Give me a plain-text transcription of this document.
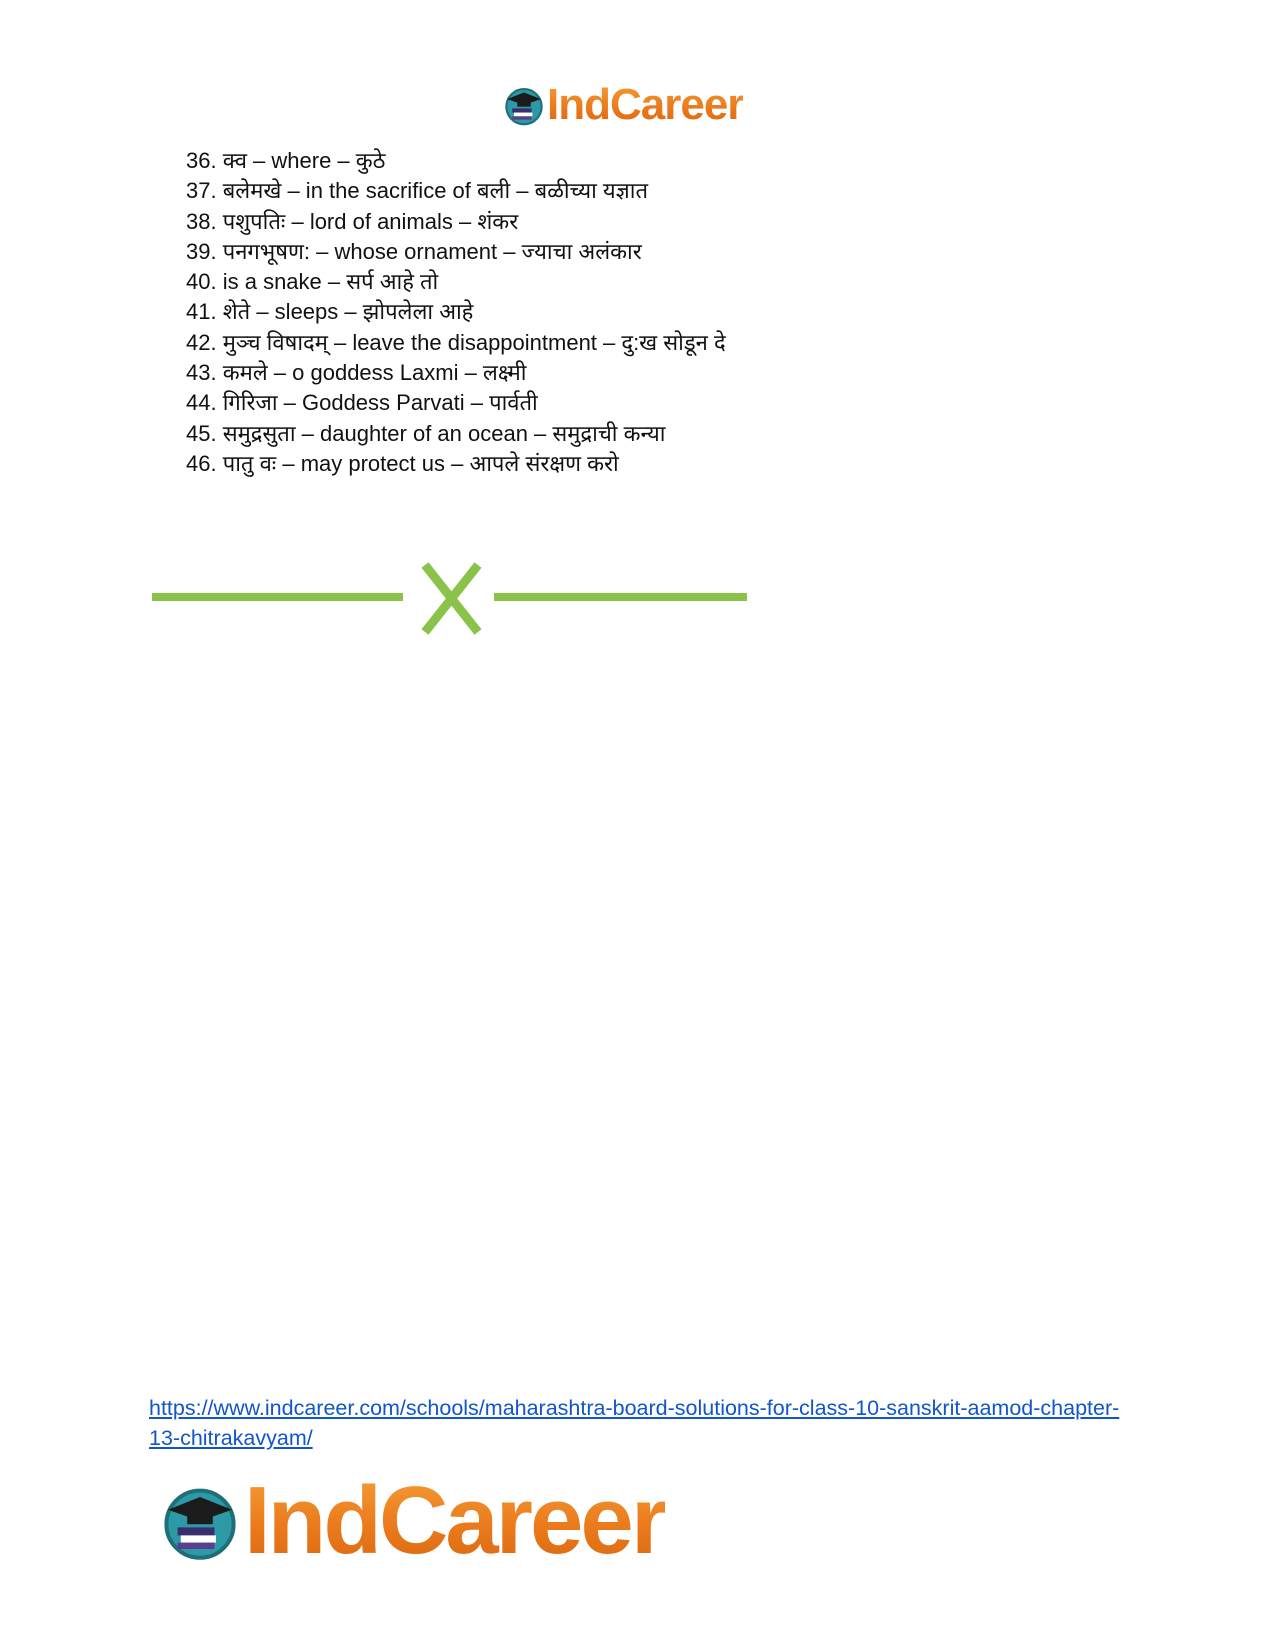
IndCareer
36. क्व – where – कुठे
37. बलेमखे – in the sacrifice of बली – बळीच्या यज्ञात
38. पशुपतिः – lord of animals – शंकर
39. पनगभूषण: – whose ornament – ज्याचा अलंकार
40. is a snake – सर्प आहे तो
41. शेते – sleeps – झोपलेला आहे
42. मुञ्च विषादम् – leave the disappointment – दु:ख सोडून दे
43. कमले – o goddess Laxmi – लक्ष्मी
44. गिरिजा – Goddess Parvati – पार्वती
45. समुद्रसुता – daughter of an ocean – समुद्राची कन्या
46. पातु वः – may protect us – आपले संरक्षण करो
https://www.indcareer.com/schools/maharashtra-board-solutions-for-class-10-sanskrit-aamod-chapter-13-chitrakavyam/
IndCareer
